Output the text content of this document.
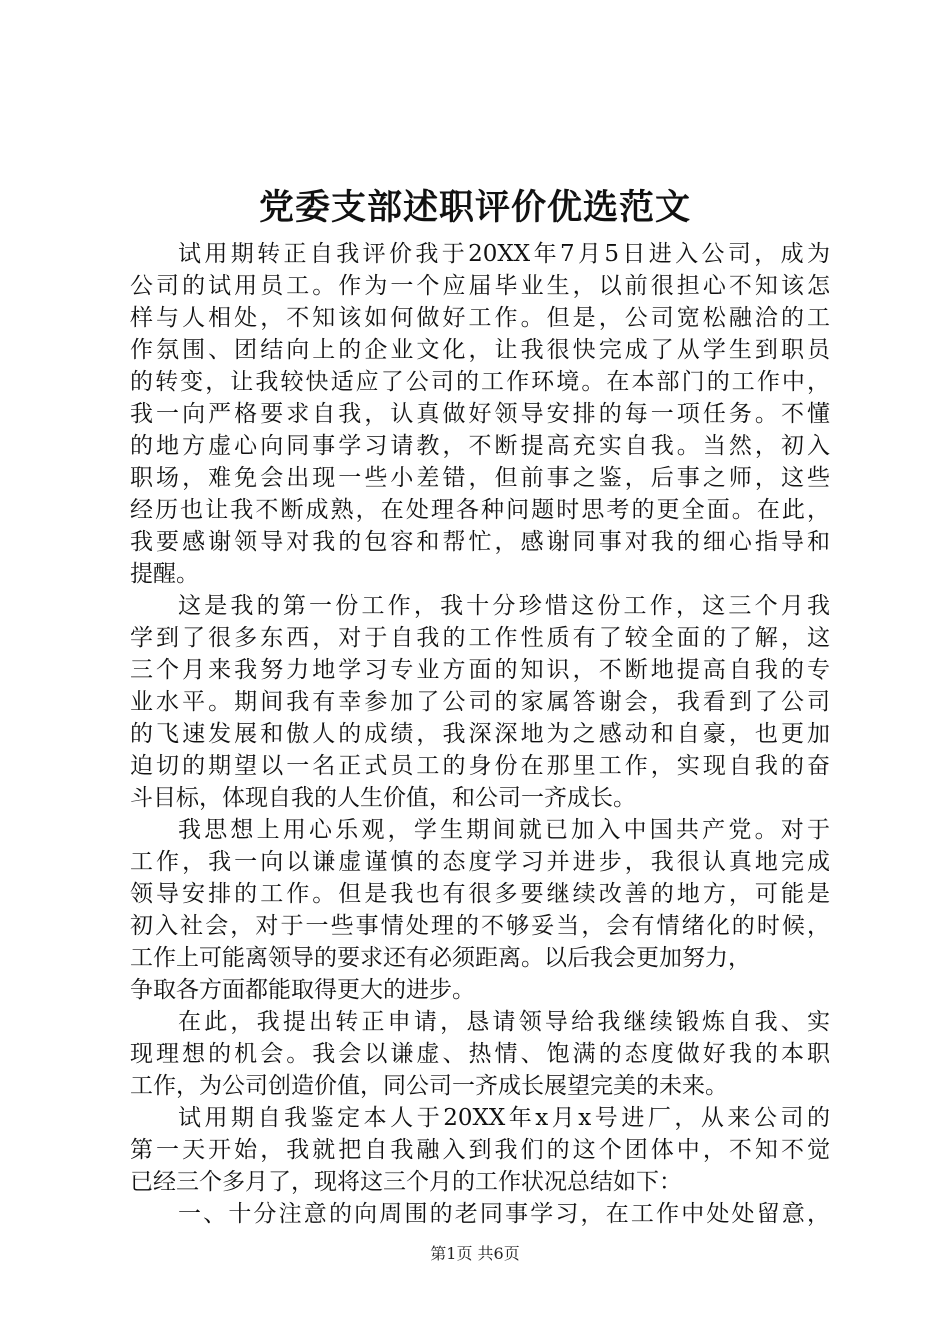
党委支部述职评价优选范文
试用期转正自我评价我于20XX年7月5日进入公司，成为
公司的试用员工。作为一个应届毕业生，以前很担心不知该怎
样与人相处，不知该如何做好工作。但是，公司宽松融洽的工
作氛围、团结向上的企业文化，让我很快完成了从学生到职员
的转变，让我较快适应了公司的工作环境。在本部门的工作中，
我一向严格要求自我，认真做好领导安排的每一项任务。不懂
的地方虚心向同事学习请教，不断提高充实自我。当然，初入
职场，难免会出现一些小差错，但前事之鉴，后事之师，这些
经历也让我不断成熟，在处理各种问题时思考的更全面。在此，
我要感谢领导对我的包容和帮忙，感谢同事对我的细心指导和
提醒。
这是我的第一份工作，我十分珍惜这份工作，这三个月我
学到了很多东西，对于自我的工作性质有了较全面的了解，这
三个月来我努力地学习专业方面的知识，不断地提高自我的专
业水平。期间我有幸参加了公司的家属答谢会，我看到了公司
的飞速发展和傲人的成绩，我深深地为之感动和自豪，也更加
迫切的期望以一名正式员工的身份在那里工作，实现自我的奋
斗目标，体现自我的人生价值，和公司一齐成长。
我思想上用心乐观，学生期间就已加入中国共产党。对于
工作，我一向以谦虚谨慎的态度学习并进步，我很认真地完成
领导安排的工作。但是我也有很多要继续改善的地方，可能是
初入社会，对于一些事情处理的不够妥当，会有情绪化的时候，
工作上可能离领导的要求还有必须距离。以后我会更加努力，
争取各方面都能取得更大的进步。
在此，我提出转正申请，恳请领导给我继续锻炼自我、实
现理想的机会。我会以谦虚、热情、饱满的态度做好我的本职
工作，为公司创造价值，同公司一齐成长展望完美的未来。
试用期自我鉴定本人于20XX年x月x号进厂，从来公司的
第一天开始，我就把自我融入到我们的这个团体中，不知不觉
已经三个多月了，现将这三个月的工作状况总结如下：
一、十分注意的向周围的老同事学习，在工作中处处留意，
第1页 共6页
